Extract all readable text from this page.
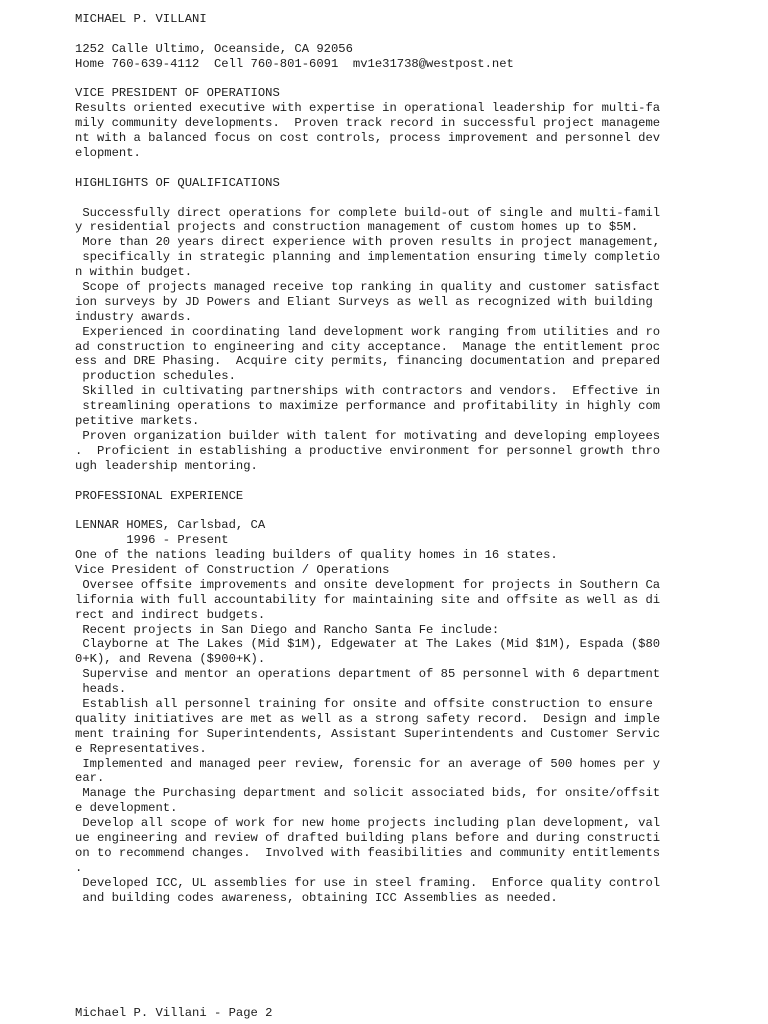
MICHAEL P. VILLANI
1252 Calle Ultimo, Oceanside, CA 92056
Home 760-639-4112  Cell 760-801-6091  mv1e31738@westpost.net
VICE PRESIDENT OF OPERATIONS
Results oriented executive with expertise in operational leadership for multi-fa
mily community developments.  Proven track record in successful project manageme
nt with a balanced focus on cost controls, process improvement and personnel dev
elopment.
HIGHLIGHTS OF QUALIFICATIONS
Successfully direct operations for complete build-out of single and multi-famil
y residential projects and construction management of custom homes up to $5M.
More than 20 years direct experience with proven results in project management,
specifically in strategic planning and implementation ensuring timely completio
n within budget.
Scope of projects managed receive top ranking in quality and customer satisfact
ion surveys by JD Powers and Eliant Surveys as well as recognized with building
industry awards.
Experienced in coordinating land development work ranging from utilities and ro
ad construction to engineering and city acceptance.  Manage the entitlement proc
ess and DRE Phasing.  Acquire city permits, financing documentation and prepared
production schedules.
Skilled in cultivating partnerships with contractors and vendors.  Effective in
streamlining operations to maximize performance and profitability in highly com
petitive markets.
Proven organization builder with talent for motivating and developing employees
.  Proficient in establishing a productive environment for personnel growth thro
ugh leadership mentoring.
PROFESSIONAL EXPERIENCE
LENNAR HOMES, Carlsbad, CA
1996 - Present
One of the nations leading builders of quality homes in 16 states.
Vice President of Construction / Operations
Oversee offsite improvements and onsite development for projects in Southern Ca
lifornia with full accountability for maintaining site and offsite as well as di
rect and indirect budgets.
Recent projects in San Diego and Rancho Santa Fe include:
Clayborne at The Lakes (Mid $1M), Edgewater at The Lakes (Mid $1M), Espada ($80
0+K), and Revena ($900+K).
Supervise and mentor an operations department of 85 personnel with 6 department
heads.
Establish all personnel training for onsite and offsite construction to ensure
quality initiatives are met as well as a strong safety record.  Design and imple
ment training for Superintendents, Assistant Superintendents and Customer Servic
e Representatives.
Implemented and managed peer review, forensic for an average of 500 homes per y
ear.
Manage the Purchasing department and solicit associated bids, for onsite/offsit
e development.
Develop all scope of work for new home projects including plan development, val
ue engineering and review of drafted building plans before and during constructi
on to recommend changes.  Involved with feasibilities and community entitlements
.
Developed ICC, UL assemblies for use in steel framing.  Enforce quality control
and building codes awareness, obtaining ICC Assemblies as needed.
Michael P. Villani - Page 2
